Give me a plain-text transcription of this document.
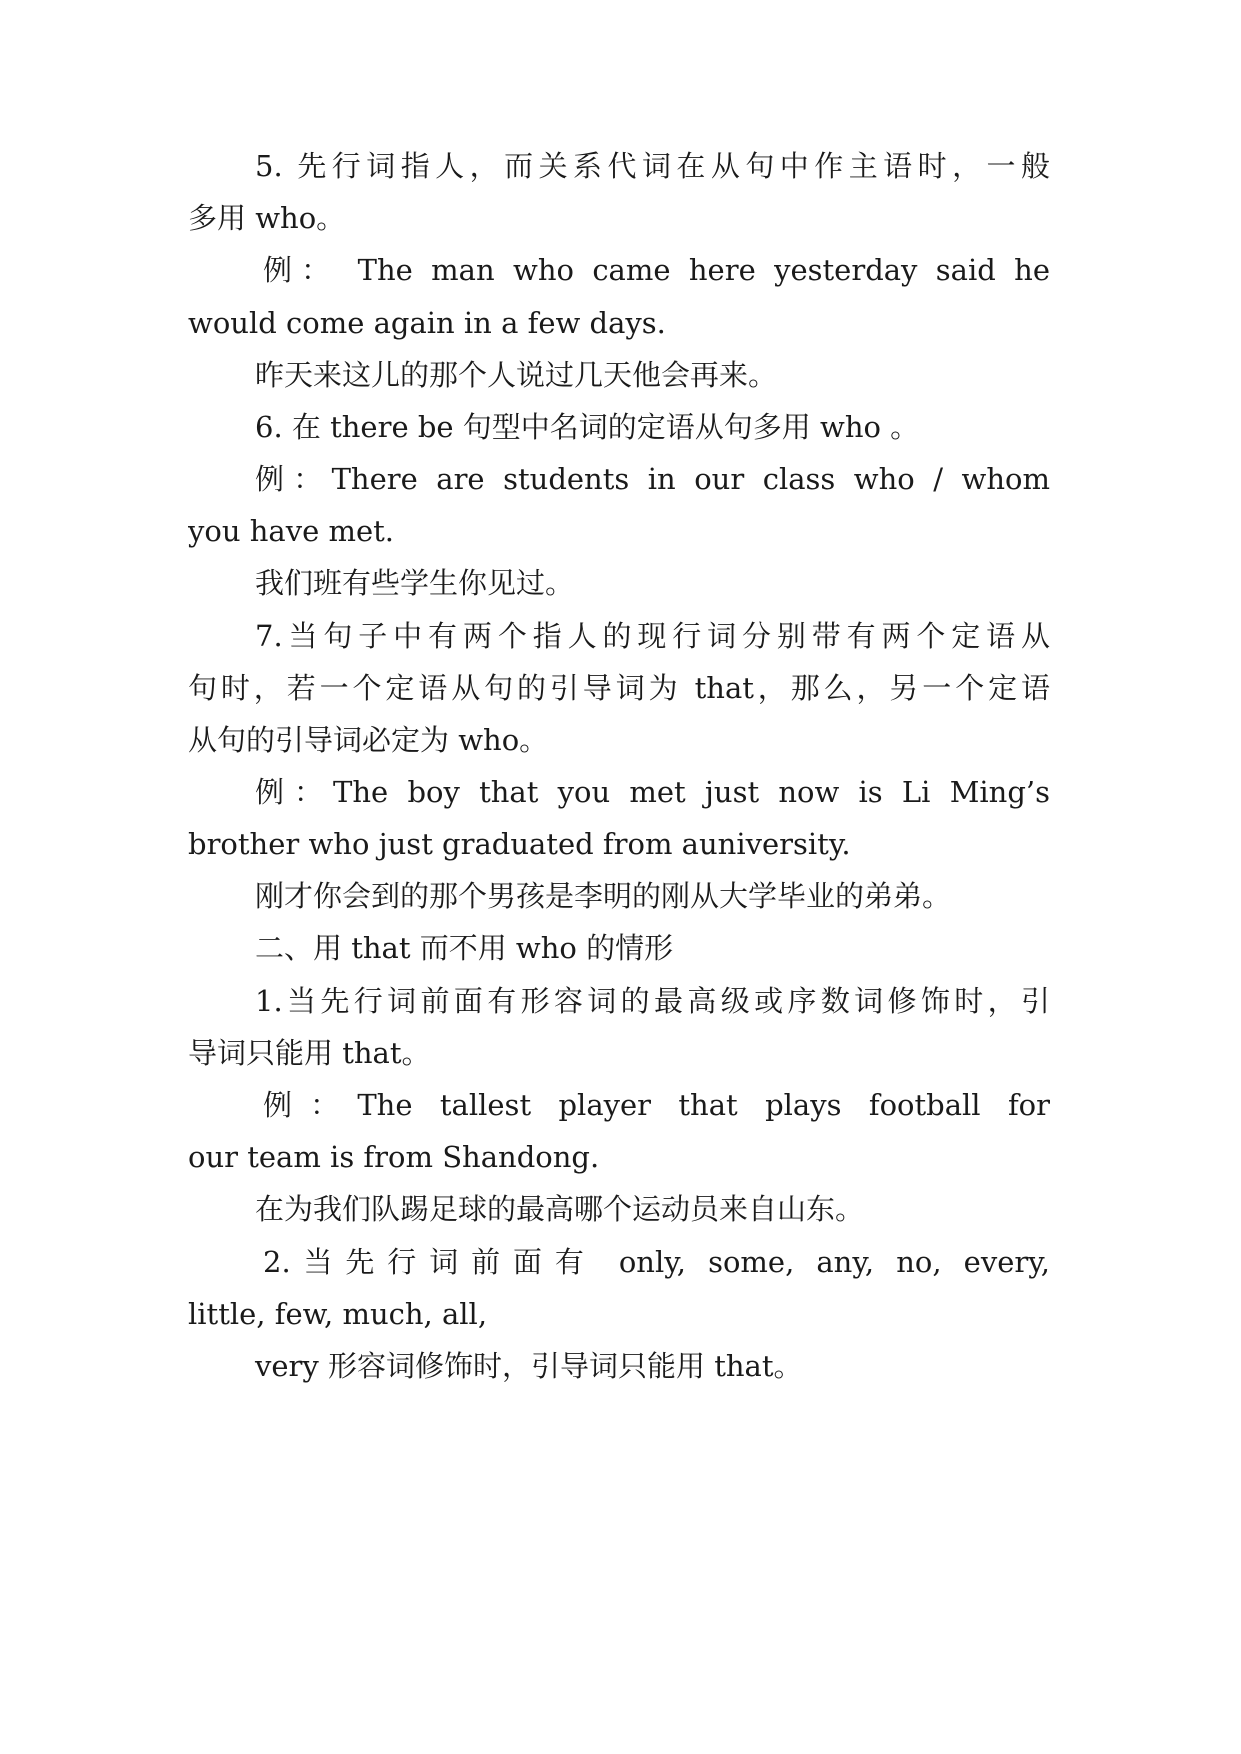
5. 先行词指人，而关系代词在从句中作主语时，一般
多用 who。
例： The man who came here yesterday said he
would come again in a few days.
昨天来这儿的那个人说过几天他会再来。
6. 在 there be 句型中名词的定语从句多用 who 。
例：There are students in our class who / whom
you have met.
我们班有些学生你见过。
7.当句子中有两个指人的现行词分别带有两个定语从
句时，若一个定语从句的引导词为 that，那么，另一个定语
从句的引导词必定为 who。
例：The boy that you met just now is Li Ming’s
brother who just graduated from auniversity.
刚才你会到的那个男孩是李明的刚从大学毕业的弟弟。
二、用 that 而不用 who 的情形
1.当先行词前面有形容词的最高级或序数词修饰时，引
导词只能用 that。
例：The tallest player that plays football for
our team is from Shandong.
在为我们队踢足球的最高哪个运动员来自山东。
2.当先行词前面有 only, some, any, no, every,
little, few, much, all,
very 形容词修饰时，引导词只能用 that。
